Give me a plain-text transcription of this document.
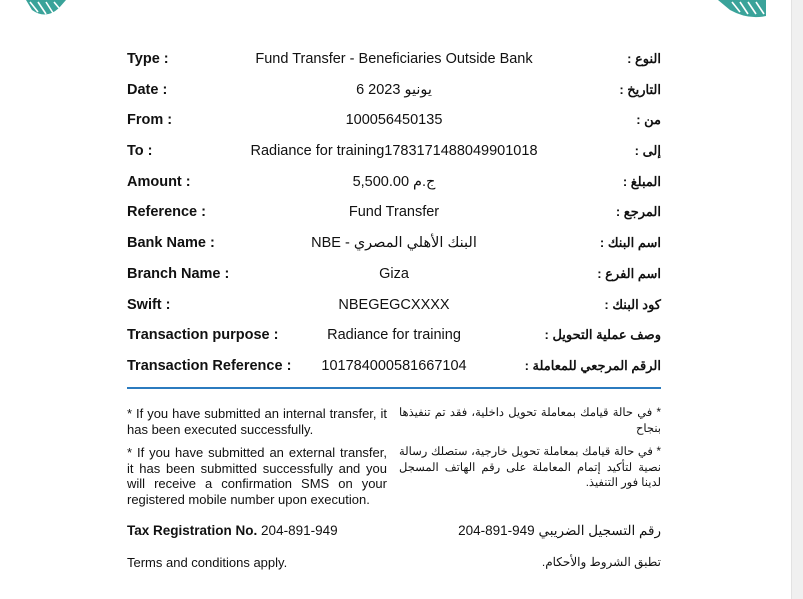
Type :	Fund Transfer - Beneficiaries Outside Bank	النوع :
Date :	6 يونيو 2023	التاريخ :
From :	100056450135	من :
To :	Radiance for training1783171488049901018	إلى :
Amount :	5,500.00 ج.م	المبلغ :
Reference :	Fund Transfer	المرجع :
Bank Name :	NBE - البنك الأهلي المصري	اسم البنك :
Branch Name :	Giza	اسم الفرع :
Swift :	NBEGEGCXXXX	كود البنك :
Transaction purpose :	Radiance for training	وصف عملية التحويل :
Transaction Reference :	101784000581667104	الرقم المرجعي للمعاملة :
* If you have submitted an internal transfer, it has been executed successfully.
* في حالة قيامك بمعاملة تحويل داخلية، فقد تم تنفيذها بنجاح
* If you have submitted an external transfer, it has been submitted successfully and you will receive a confirmation SMS on your registered mobile number upon execution.
* في حالة قيامك بمعاملة تحويل خارجية، ستصلك رسالة نصية لتأكيد إتمام المعاملة على رقم الهاتف المسجل لدينا فور التنفيذ.
Tax Registration No. 204-891-949	رقم التسجيل الضريبي 949-891-204
Terms and conditions apply.	تطبق الشروط والأحكام.
